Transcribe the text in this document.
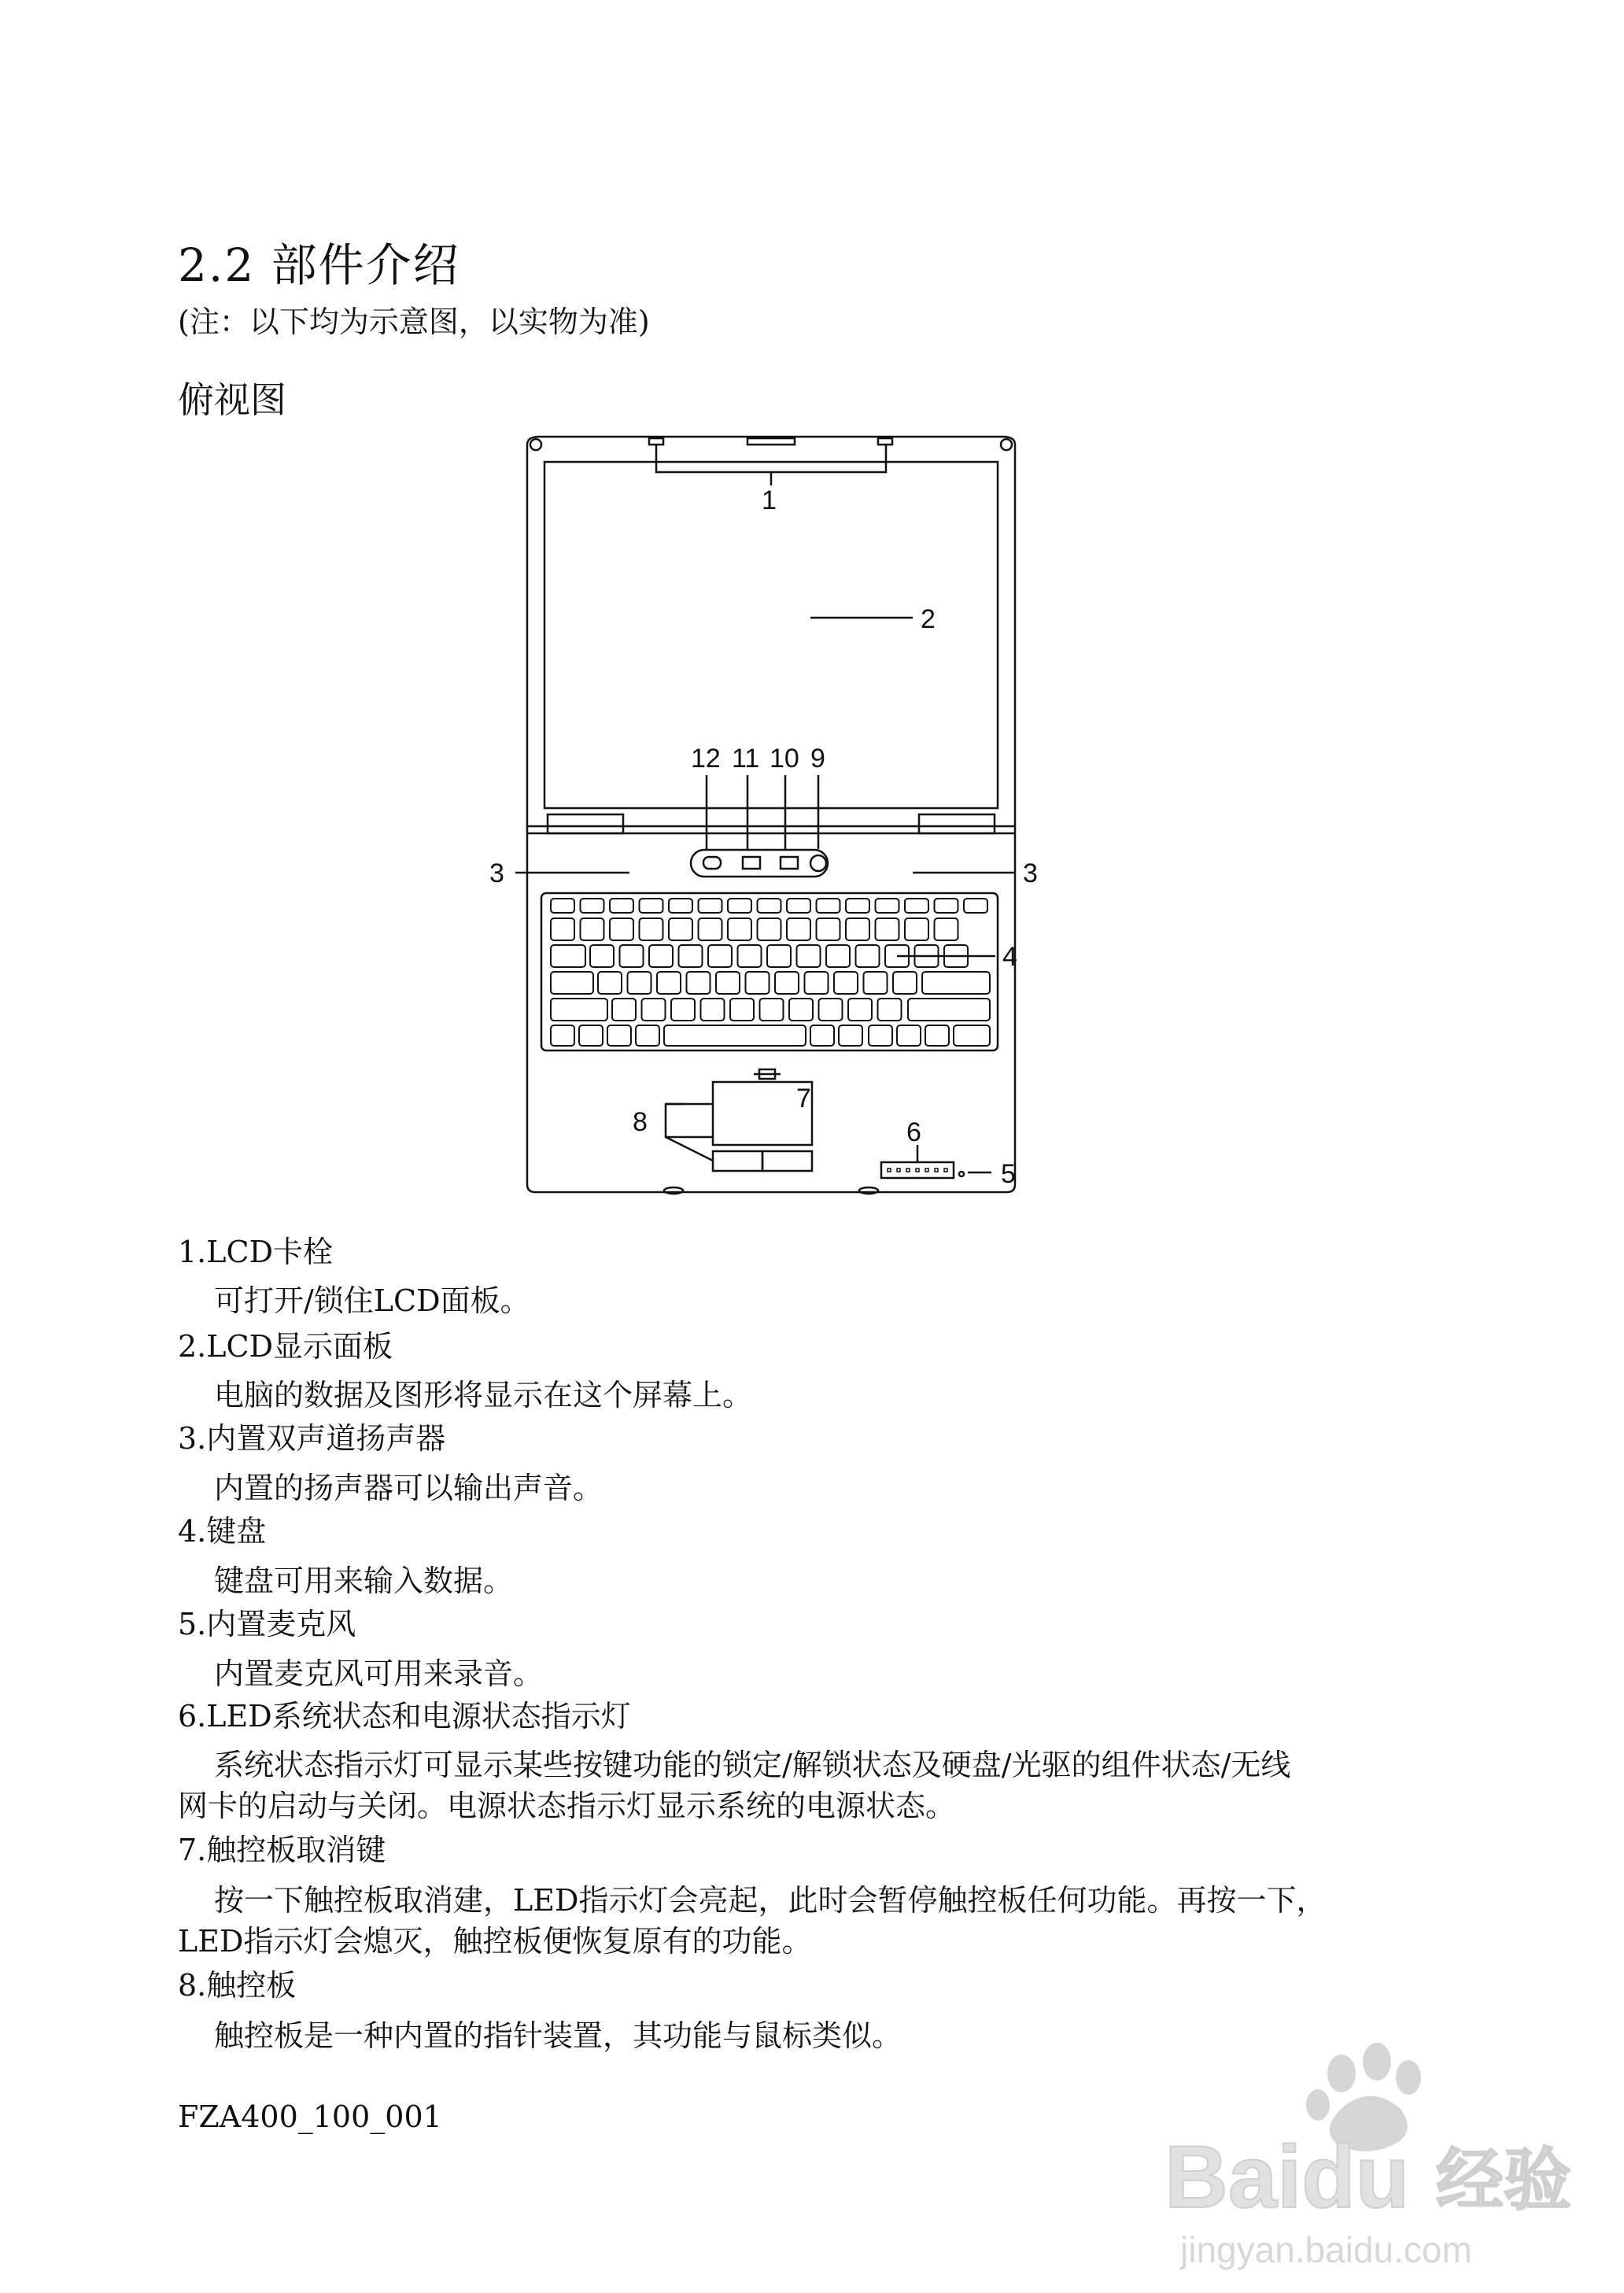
2.2 部件介绍
(注：以下均为示意图，以实物为准)
俯视图
1
2
3	3
4
5
6
7
8
9
10
11
12
1.LCD卡栓
可打开/锁住LCD面板。
2.LCD显示面板
电脑的数据及图形将显示在这个屏幕上。
3.内置双声道扬声器
内置的扬声器可以输出声音。
4.键盘
键盘可用来输入数据。
5.内置麦克风
内置麦克风可用来录音。
6.LED系统状态和电源状态指示灯
系统状态指示灯可显示某些按键功能的锁定/解锁状态及硬盘/光驱的组件状态/无线
网卡的启动与关闭。电源状态指示灯显示系统的电源状态。
7.触控板取消键
按一下触控板取消建，LED指示灯会亮起，此时会暂停触控板任何功能。再按一下，
LED指示灯会熄灭，触控板便恢复原有的功能。
8.触控板
触控板是一种内置的指针装置，其功能与鼠标类似。
FZA400_100_001
Baidu 经验
jingyan.baidu.com
